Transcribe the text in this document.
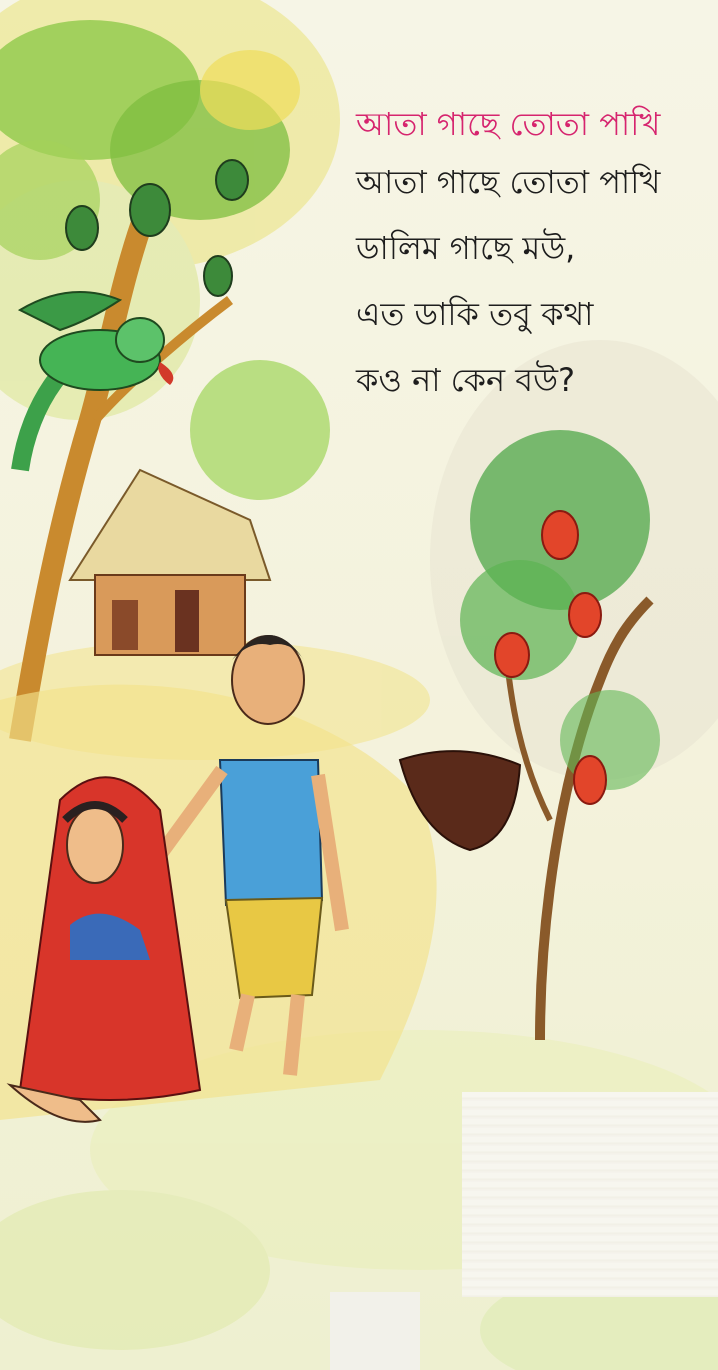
আতা গাছে তোতা পাখি

আতা গাছে তোতা পাখি

ডালিম গাছে মউ,

এত ডাকি তবু কথা

কও না কেন বউ?
